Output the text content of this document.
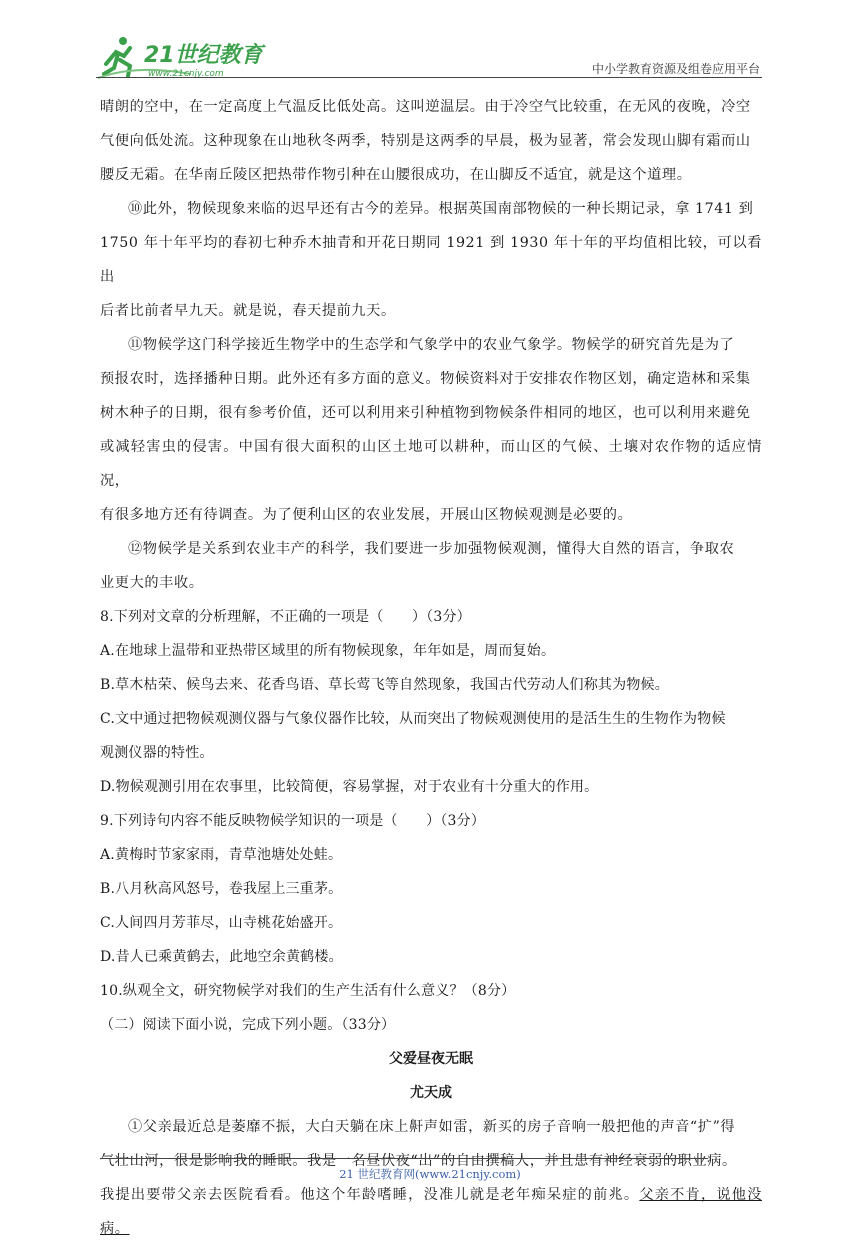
21世纪教育
www.21cnjy.com	中小学教育资源及组卷应用平台

晴朗的空中，在一定高度上气温反比低处高。这叫逆温层。由于冷空气比较重，在无风的夜晚，冷空

气便向低处流。这种现象在山地秋冬两季，特别是这两季的早晨，极为显著，常会发现山脚有霜而山

腰反无霜。在华南丘陵区把热带作物引种在山腰很成功，在山脚反不适宜，就是这个道理。

⑩此外，物候现象来临的迟早还有古今的差异。根据英国南部物候的一种长期记录，拿 1741 到

1750 年十年平均的春初七种乔木抽青和开花日期同 1921 到 1930 年十年的平均值相比较，可以看出

后者比前者早九天。就是说，春天提前九天。

⑪物候学这门科学接近生物学中的生态学和气象学中的农业气象学。物候学的研究首先是为了

预报农时，选择播种日期。此外还有多方面的意义。物候资料对于安排农作物区划，确定造林和采集

树木种子的日期，很有参考价值，还可以利用来引种植物到物候条件相同的地区，也可以利用来避免

或减轻害虫的侵害。中国有很大面积的山区土地可以耕种，而山区的气候、土壤对农作物的适应情况，

有很多地方还有待调查。为了便利山区的农业发展，开展山区物候观测是必要的。

⑫物候学是关系到农业丰产的科学，我们要进一步加强物候观测，懂得大自然的语言，争取农

业更大的丰收。

8.下列对文章的分析理解，不正确的一项是（　　）（3分）

A.在地球上温带和亚热带区域里的所有物候现象，年年如是，周而复始。

B.草木枯荣、候鸟去来、花香鸟语、草长莺飞等自然现象，我国古代劳动人们称其为物候。

C.文中通过把物候观测仪器与气象仪器作比较，从而突出了物候观测使用的是活生生的生物作为物候

观测仪器的特性。

D.物候观测引用在农事里，比较简便，容易掌握，对于农业有十分重大的作用。

9.下列诗句内容不能反映物候学知识的一项是（　　）（3分）

A.黄梅时节家家雨，青草池塘处处蛙。

B.八月秋高风怒号，卷我屋上三重茅。

C.人间四月芳菲尽，山寺桃花始盛开。

D.昔人已乘黄鹤去，此地空余黄鹤楼。

10.纵观全文，研究物候学对我们的生产生活有什么意义？（8分）

（二）阅读下面小说，完成下列小题。（33分）

父爱昼夜无眠

尤天成

①父亲最近总是萎靡不振，大白天躺在床上鼾声如雷，新买的房子音响一般把他的声音“扩”得

气壮山河，很是影响我的睡眠。我是一名昼伏夜“出”的自由撰稿人，并且患有神经衰弱的职业病。

我提出要带父亲去医院看看。他这个年龄嗜睡，没准儿就是老年痴呆症的前兆。父亲不肯，说他没病。

21 世纪教育网(www.21cnjy.com)
